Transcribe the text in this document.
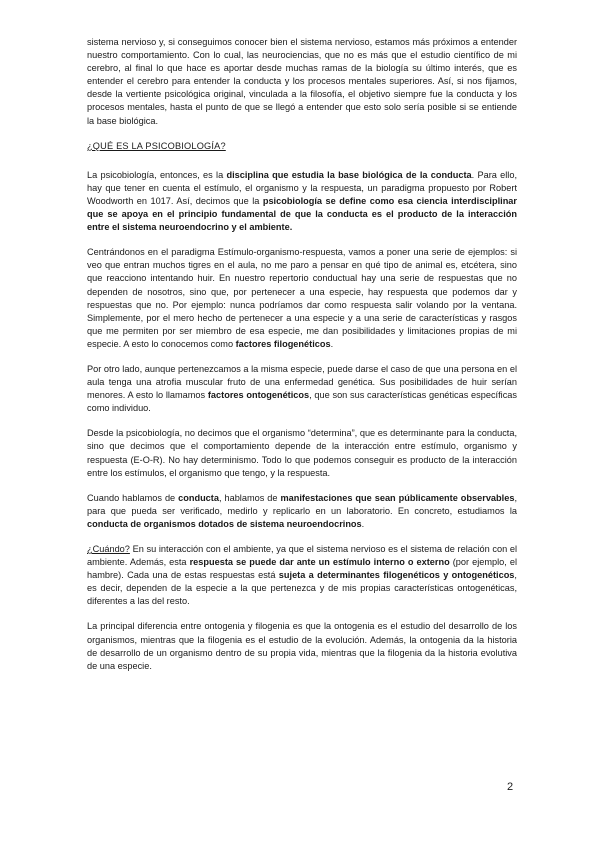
sistema nervioso y, si conseguimos conocer bien el sistema nervioso, estamos más próximos a entender nuestro comportamiento. Con lo cual, las neurociencias, que no es más que el estudio científico de mi cerebro, al final lo que hace es aportar desde muchas ramas de la biología su último interés, que es entender el cerebro para entender la conducta y los procesos mentales superiores. Así, si nos fijamos, desde la vertiente psicológica original, vinculada a la filosofía, el objetivo siempre fue la conducta y los procesos mentales, hasta el punto de que se llegó a entender que esto solo sería posible si se entiende la base biológica.

¿QUÉ ES LA PSICOBIOLOGÍA?

La psicobiología, entonces, es la disciplina que estudia la base biológica de la conducta. Para ello, hay que tener en cuenta el estímulo, el organismo y la respuesta, un paradigma propuesto por Robert Woodworth en 1017. Así, decimos que la psicobiología se define como esa ciencia interdisciplinar que se apoya en el principio fundamental de que la conducta es el producto de la interacción entre el sistema neuroendocrino y el ambiente.

Centrándonos en el paradigma Estímulo-organismo-respuesta, vamos a poner una serie de ejemplos: si veo que entran muchos tigres en el aula, no me paro a pensar en qué tipo de animal es, etcétera, sino que reacciono intentando huir. En nuestro repertorio conductual hay una serie de respuestas que no dependen de nosotros, sino que, por pertenecer a una especie, hay respuesta que podemos dar y respuestas que no. Por ejemplo: nunca podríamos dar como respuesta salir volando por la ventana. Simplemente, por el mero hecho de pertenecer a una especie y a una serie de características y rasgos que me permiten por ser miembro de esa especie, me dan posibilidades y limitaciones propias de mi especie. A esto lo conocemos como factores filogenéticos.

Por otro lado, aunque pertenezcamos a la misma especie, puede darse el caso de que una persona en el aula tenga una atrofia muscular fruto de una enfermedad genética. Sus posibilidades de huir serían menores. A esto lo llamamos factores ontogenéticos, que son sus características genéticas específicas como individuo.

Desde la psicobiología, no decimos que el organismo “determina”, que es determinante para la conducta, sino que decimos que el comportamiento depende de la interacción entre estímulo, organismo y respuesta (E-O-R). No hay determinismo. Todo lo que podemos conseguir es producto de la interacción entre los estímulos, el organismo que tengo, y la respuesta.

Cuando hablamos de conducta, hablamos de manifestaciones que sean públicamente observables, para que pueda ser verificado, medirlo y replicarlo en un laboratorio. En concreto, estudiamos la conducta de organismos dotados de sistema neuroendocrinos.

¿Cuándo? En su interacción con el ambiente, ya que el sistema nervioso es el sistema de relación con el ambiente. Además, esta respuesta se puede dar ante un estímulo interno o externo (por ejemplo, el hambre). Cada una de estas respuestas está sujeta a determinantes filogenéticos y ontogenéticos, es decir, dependen de la especie a la que pertenezca y de mis propias características ontogenéticas, diferentes a las del resto.

La principal diferencia entre ontogenia y filogenia es que la ontogenia es el estudio del desarrollo de los organismos, mientras que la filogenia es el estudio de la evolución. Además, la ontogenia da la historia de desarrollo de un organismo dentro de su propia vida, mientras que la filogenia da la historia evolutiva de una especie.

2
